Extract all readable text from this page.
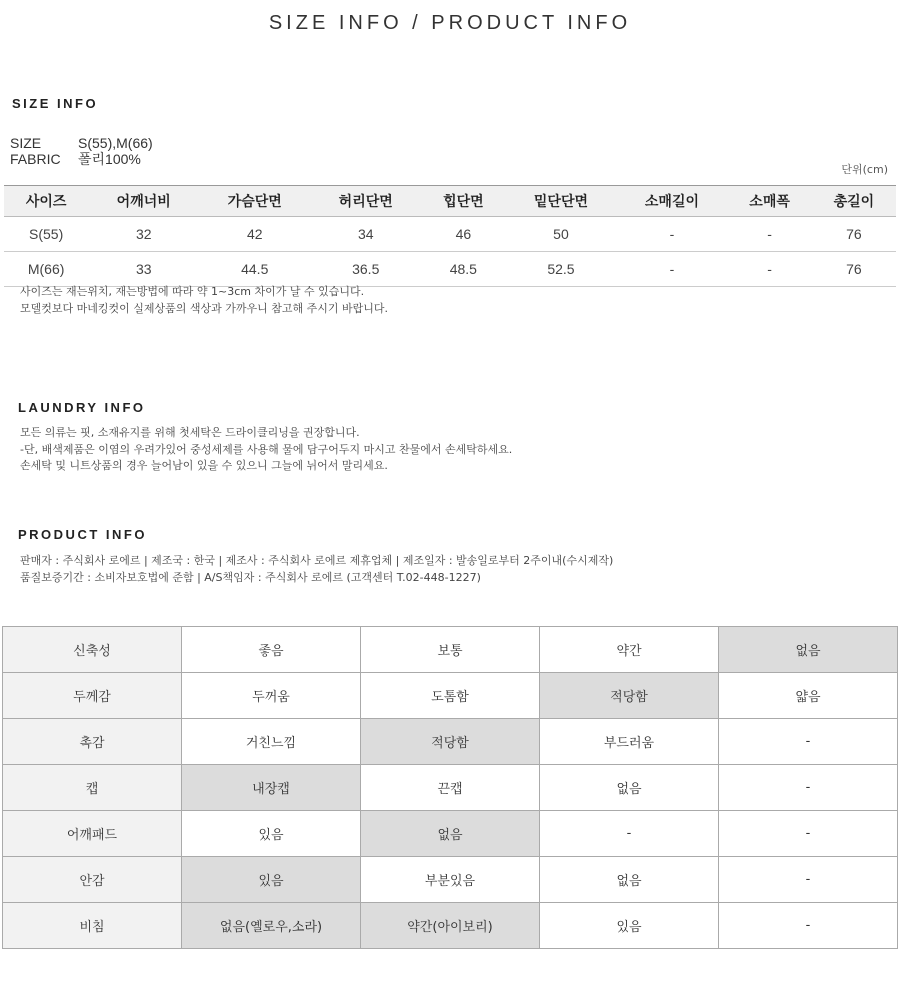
SIZE INFO / PRODUCT INFO
SIZE INFO
SIZE	S(55),M(66)
FABRIC 폴리100%
단위(cm)
사이즈	어깨너비	가슴단면	허리단면	힙단면	밑단단면	소매길이	소매폭	총길이
S(55)	32	42	34	46	50	-	-	76
M(66)	33	44.5	36.5	48.5	52.5	-	-	76
사이즈는 재는위치, 재는방법에 따라 약 1~3cm 차이가 날 수 있습니다.
모델컷보다 마네킹컷이 실제상품의 색상과 가까우니 참고해 주시기 바랍니다.
LAUNDRY INFO
모든 의류는 핏, 소재유지를 위해 첫세탁은 드라이클리닝을 권장합니다.
-단, 배색제품은 이염의 우려가있어 중성세제를 사용해 물에 담구어두지 마시고 찬물에서 손세탁하세요.
손세탁 및 니트상품의 경우 늘어남이 있을 수 있으니 그늘에 뉘어서 말리세요.
PRODUCT INFO
판매자 : 주식회사 로에르 | 제조국 : 한국 | 제조사 : 주식회사 로에르 제휴업체 | 제조일자 : 발송일로부터 2주이내(수시제작)
품질보증기간 : 소비자보호법에 준함 | A/S책임자 : 주식회사 로에르 (고객센터 T.02-448-1227)
신축성	좋음	보통	약간	없음
두께감	두꺼움	도톰함	적당함	얇음
촉감	거친느낌	적당함	부드러움	-
캡	내장캡	끈캡	없음	-
어깨패드	있음	없음	-	-
안감	있음	부분있음	없음	-
비침	없음(옐로우,소라)	약간(아이보리)	있음	-
